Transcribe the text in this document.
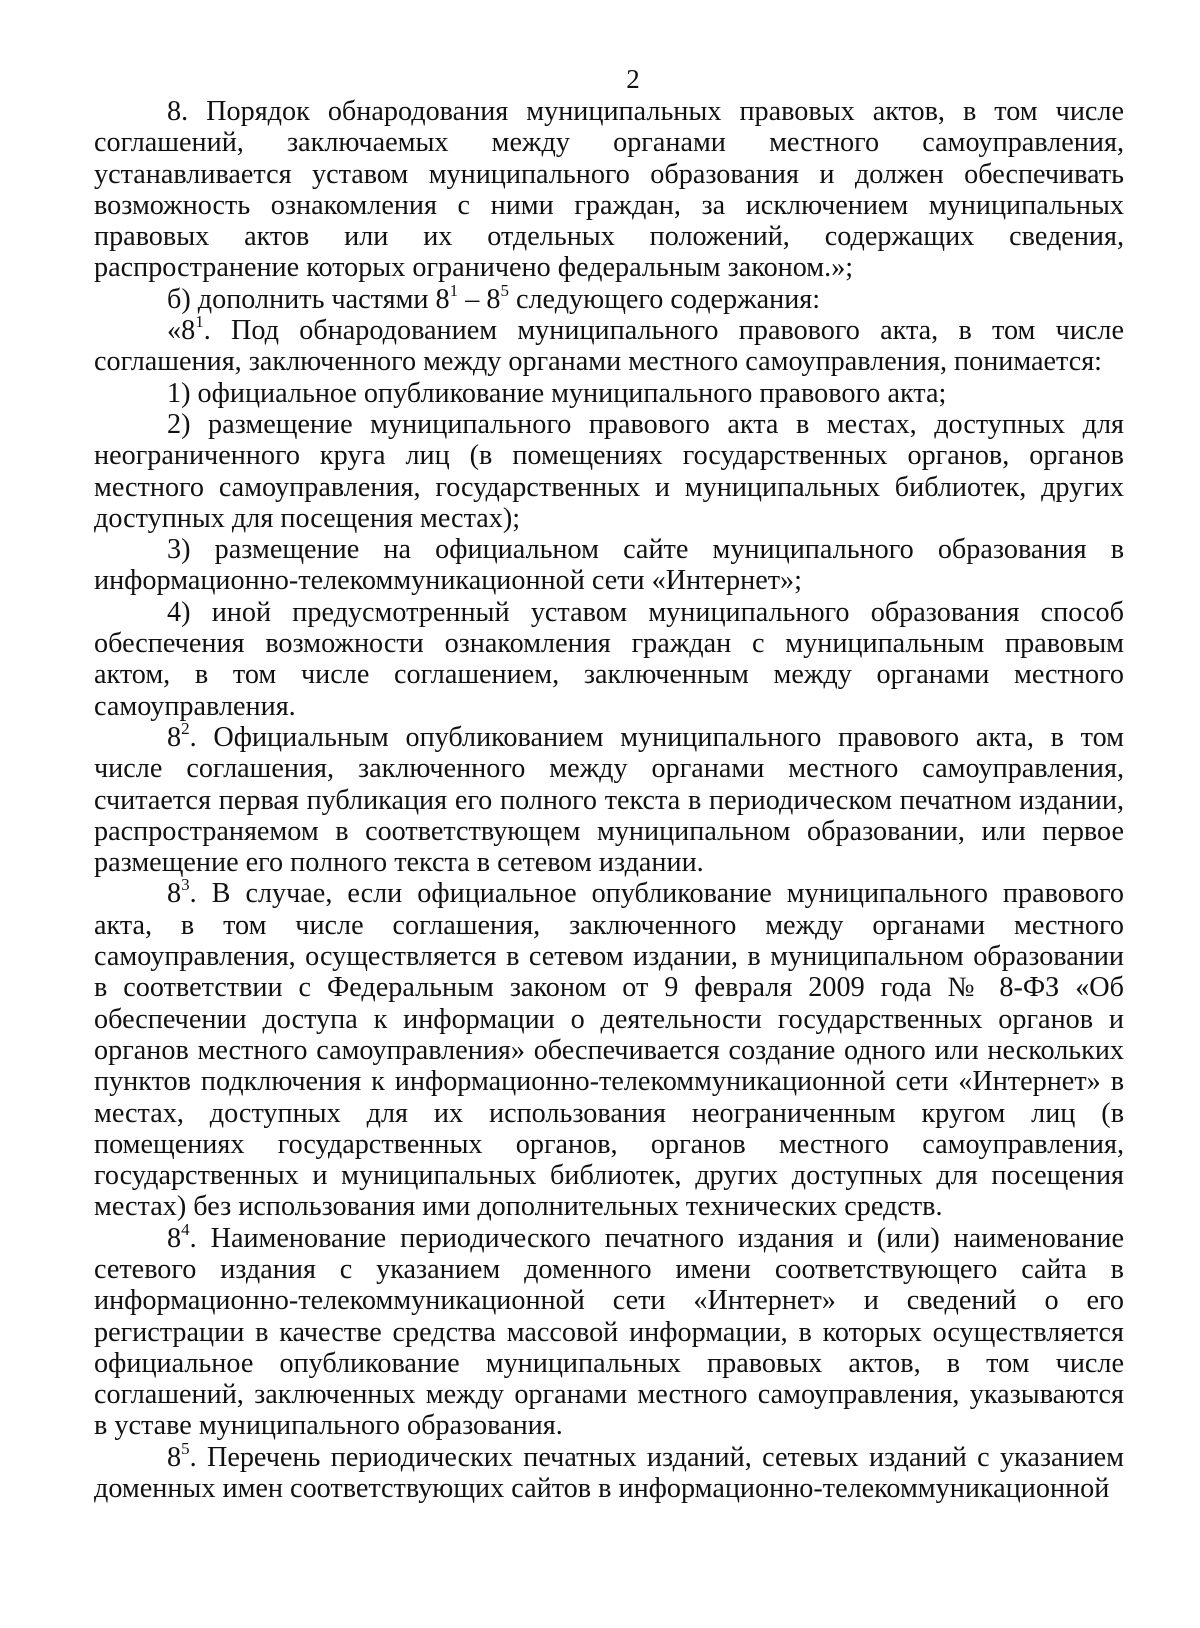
2

8. Порядок обнародования муниципальных правовых актов, в том числе соглашений, заключаемых между органами местного самоуправления, устанавливается уставом муниципального образования и должен обеспечивать возможность ознакомления с ними граждан, за исключением муниципальных правовых актов или их отдельных положений, содержащих сведения, распространение которых ограничено федеральным законом.»;

б) дополнить частями $8^1 - 8^5$ следующего содержания:

«$8^1$. Под обнародованием муниципального правового акта, в том числе соглашения, заключенного между органами местного самоуправления, понимается:

1) официальное опубликование муниципального правового акта;

2) размещение муниципального правового акта в местах, доступных для неограниченного круга лиц (в помещениях государственных органов, органов местного самоуправления, государственных и муниципальных библиотек, других доступных для посещения местах);

3) размещение на официальном сайте муниципального образования в информационно-телекоммуникационной сети «Интернет»;

4) иной предусмотренный уставом муниципального образования способ обеспечения возможности ознакомления граждан с муниципальным правовым актом, в том числе соглашением, заключенным между органами местного самоуправления.

$8^2$. Официальным опубликованием муниципального правового акта, в том числе соглашения, заключенного между органами местного самоуправления, считается первая публикация его полного текста в периодическом печатном издании, распространяемом в соответствующем муниципальном образовании, или первое размещение его полного текста в сетевом издании.

$8^3$. В случае, если официальное опубликование муниципального правового акта, в том числе соглашения, заключенного между органами местного самоуправления, осуществляется в сетевом издании, в муниципальном образовании в соответствии с Федеральным законом от 9 февраля 2009 года № 8-ФЗ «Об обеспечении доступа к информации о деятельности государственных органов и органов местного самоуправления» обеспечивается создание одного или нескольких пунктов подключения к информационно-телекоммуникационной сети «Интернет» в местах, доступных для их использования неограниченным кругом лиц (в помещениях государственных органов, органов местного самоуправления, государственных и муниципальных библиотек, других доступных для посещения местах) без использования ими дополнительных технических средств.

$8^4$. Наименование периодического печатного издания и (или) наименование сетевого издания с указанием доменного имени соответствующего сайта в информационно-телекоммуникационной сети «Интернет» и сведений о его регистрации в качестве средства массовой информации, в которых осуществляется официальное опубликование муниципальных правовых актов, в том числе соглашений, заключенных между органами местного самоуправления, указываются в уставе муниципального образования.

$8^5$. Перечень периодических печатных изданий, сетевых изданий с указанием доменных имен соответствующих сайтов в информационно-телекоммуникационной
